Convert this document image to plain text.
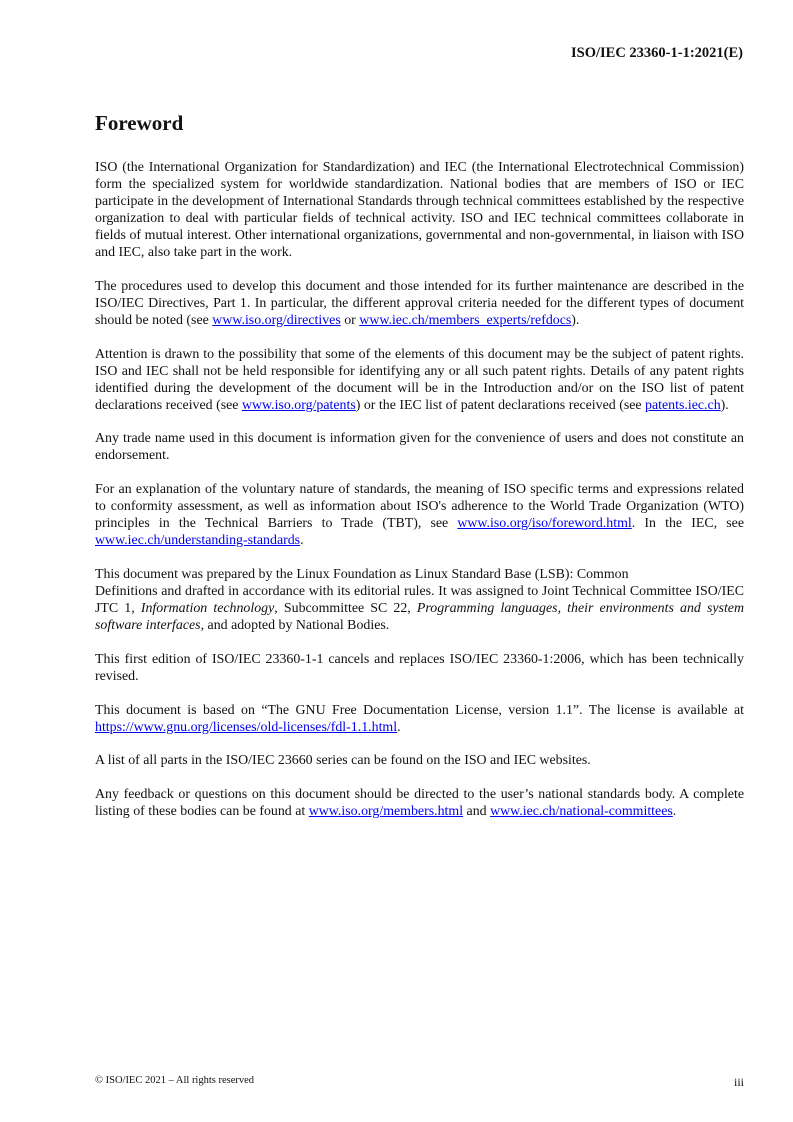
ISO/IEC 23360-1-1:2021(E)
Foreword

ISO (the International Organization for Standardization) and IEC (the International Electrotechnical Commission) form the specialized system for worldwide standardization. National bodies that are members of ISO or IEC participate in the development of International Standards through technical committees established by the respective organization to deal with particular fields of technical activity. ISO and IEC technical committees collaborate in fields of mutual interest. Other international organizations, governmental and non-governmental, in liaison with ISO and IEC, also take part in the work.

The procedures used to develop this document and those intended for its further maintenance are described in the ISO/IEC Directives, Part 1. In particular, the different approval criteria needed for the different types of document should be noted (see www.iso.org/directives or www.iec.ch/members_experts/refdocs).

Attention is drawn to the possibility that some of the elements of this document may be the subject of patent rights. ISO and IEC shall not be held responsible for identifying any or all such patent rights. Details of any patent rights identified during the development of the document will be in the Introduction and/or on the ISO list of patent declarations received (see www.iso.org/patents) or the IEC list of patent declarations received (see patents.iec.ch).

Any trade name used in this document is information given for the convenience of users and does not constitute an endorsement.

For an explanation of the voluntary nature of standards, the meaning of ISO specific terms and expressions related to conformity assessment, as well as information about ISO's adherence to the World Trade Organization (WTO) principles in the Technical Barriers to Trade (TBT), see www.iso.org/iso/foreword.html. In the IEC, see www.iec.ch/understanding-standards.

This document was prepared by the Linux Foundation as Linux Standard Base (LSB): Common
Definitions and drafted in accordance with its editorial rules. It was assigned to Joint Technical Committee ISO/IEC JTC 1, Information technology, Subcommittee SC 22, Programming languages, their environments and system software interfaces, and adopted by National Bodies.

This first edition of ISO/IEC 23360-1-1 cancels and replaces ISO/IEC 23360-1:2006, which has been technically revised.

This document is based on “The GNU Free Documentation License, version 1.1”. The license is available at https://www.gnu.org/licenses/old-licenses/fdl-1.1.html.

A list of all parts in the ISO/IEC 23660 series can be found on the ISO and IEC websites.

Any feedback or questions on this document should be directed to the user’s national standards body. A complete listing of these bodies can be found at www.iso.org/members.html and www.iec.ch/national-committees.

© ISO/IEC 2021 – All rights reserved	iii
